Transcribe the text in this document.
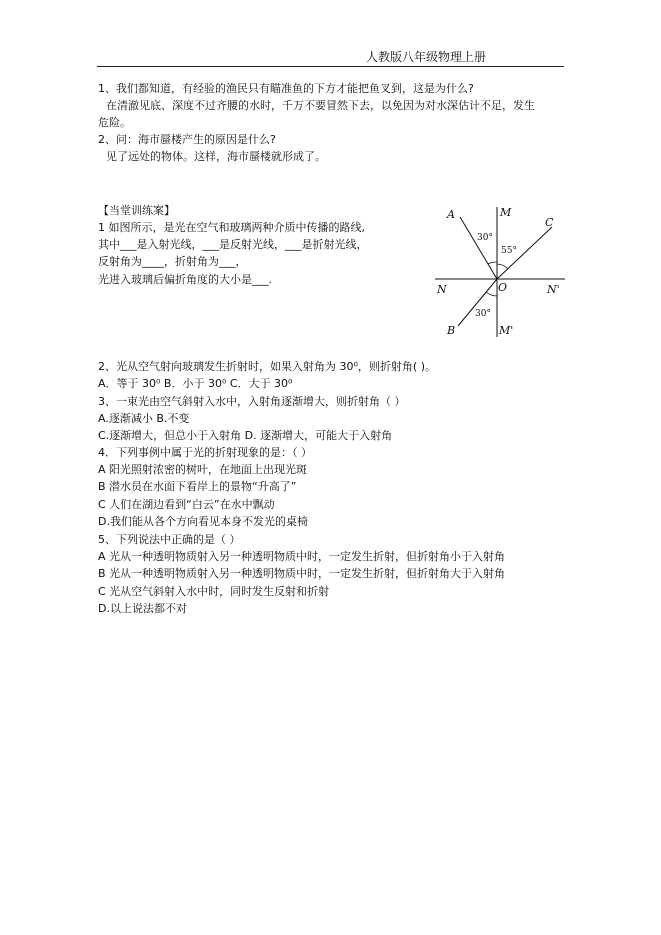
人教版八年级物理上册
1、我们都知道，有经验的渔民只有瞄准鱼的下方才能把鱼叉到，这是为什么?
在清澈见底、深度不过齐腰的水时，千万不要冒然下去，以免因为对水深估计不足，发生
危险。
2、问：海市蜃楼产生的原因是什么?
见了远处的物体。这样，海市蜃楼就形成了。
【当堂训练案】
1 如图所示，是光在空气和玻璃两种介质中传播的路线,
其中___是入射光线，___是反射光线，___是折射光线，
反射角为____，折射角为___，
光进入玻璃后偏折角度的大小是___.
A	M
C
N	O	N'
B	M'
30°
55°
30°
2、光从空气射向玻璃发生折射时，如果入射角为 30⁰，则折射角( )。
A．等于 30⁰ B．小于 30⁰ C．大于 30⁰
3、一束光由空气斜射入水中，入射角逐渐增大，则折射角（ ）
A.逐渐减小 B.不变
C.逐渐增大，但总小于入射角 D. 逐渐增大，可能大于入射角
4．下列事例中属于光的折射现象的是：（ ）
A 阳光照射浓密的树叶，在地面上出现光斑
B 潜水员在水面下看岸上的景物“升高了”
C 人们在湖边看到“白云”在水中飘动
D.我们能从各个方向看见本身不发光的桌椅
5、下列说法中正确的是（ ）
A 光从一种透明物质射入另一种透明物质中时，一定发生折射，但折射角小于入射角
B 光从一种透明物质射入另一种透明物质中时，一定发生折射，但折射角大于入射角
C 光从空气斜射入水中时，同时发生反射和折射
D.以上说法都不对
